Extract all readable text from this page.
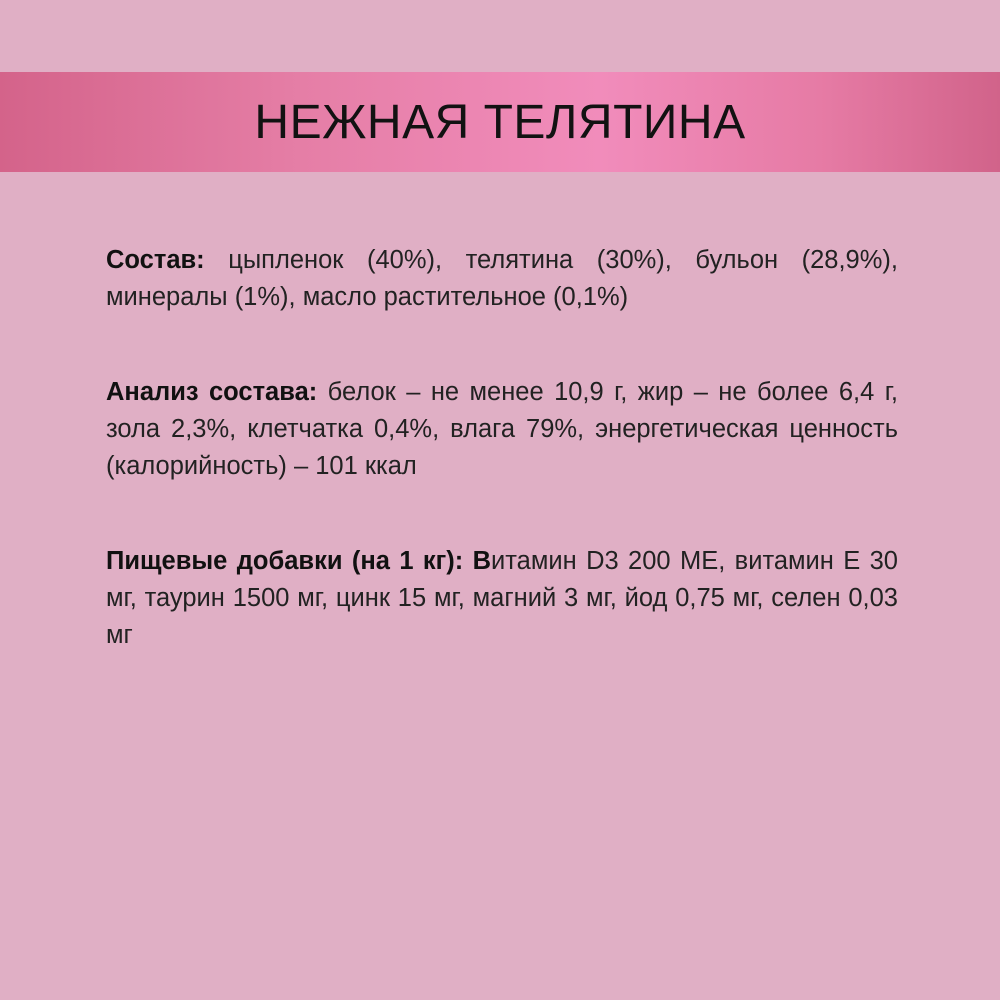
НЕЖНАЯ ТЕЛЯТИНА

Состав: цыпленок (40%), телятина (30%), бульон (28,9%), минералы (1%), масло растительное (0,1%)

Анализ состава: белок – не менее 10,9 г, жир – не более 6,4 г, зола 2,3%, клетчатка 0,4%, влага 79%, энергетическая ценность (калорийность) – 101 ккал

Пищевые добавки (на 1 кг): Витамин D3 200 МЕ, витамин Е 30 мг, таурин 1500 мг, цинк 15 мг, магний 3 мг, йод 0,75 мг, селен 0,03 мг
